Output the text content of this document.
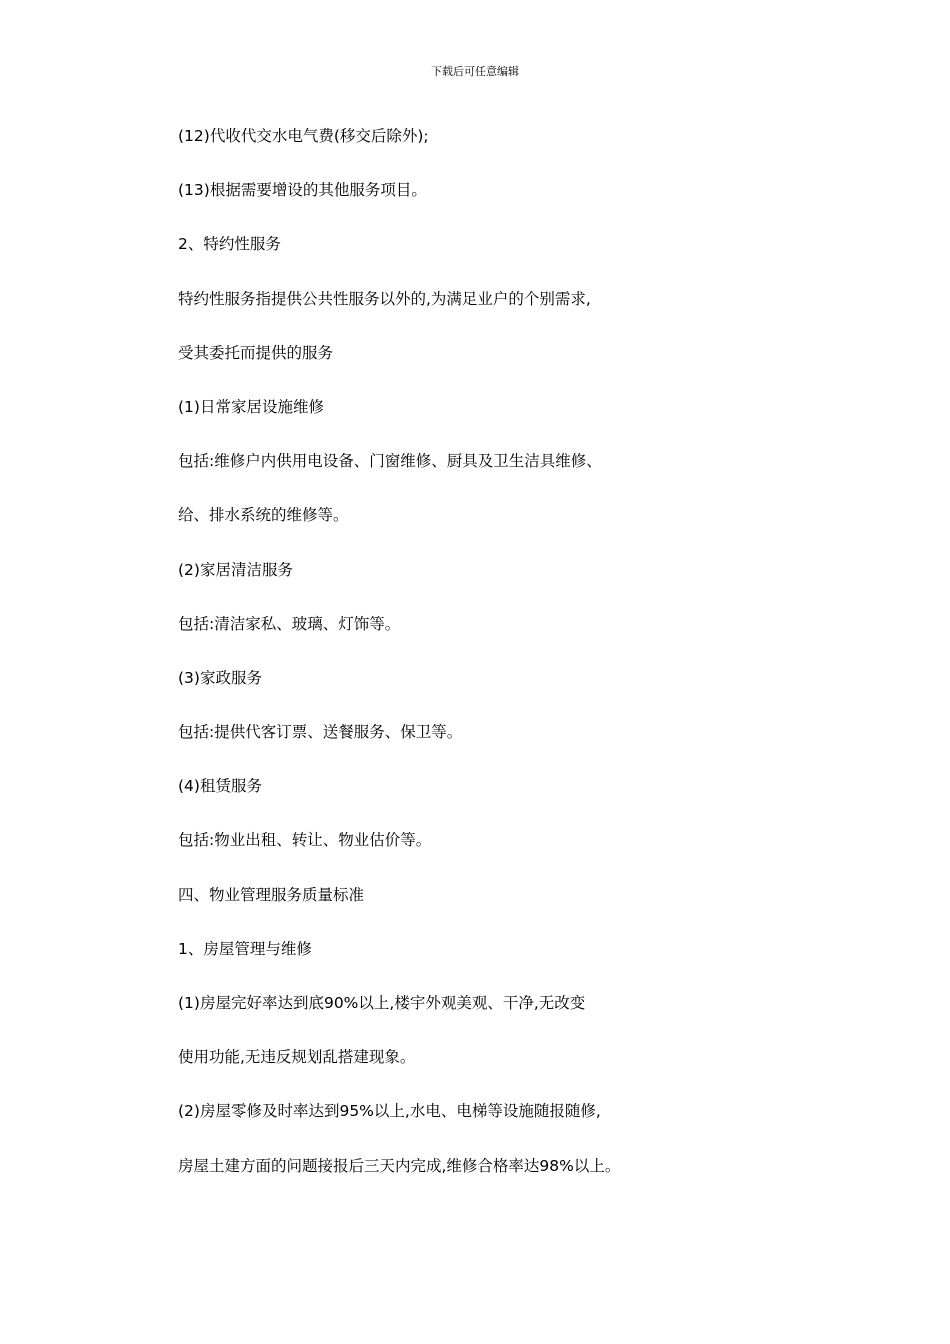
下载后可任意编辑

(12)代收代交水电气费(移交后除外);

(13)根据需要增设的其他服务项目。

2、特约性服务

特约性服务指提供公共性服务以外的,为满足业户的个别需求,

受其委托而提供的服务

(1)日常家居设施维修

包括:维修户内供用电设备、门窗维修、厨具及卫生洁具维修、

给、排水系统的维修等。

(2)家居清洁服务

包括:清洁家私、玻璃、灯饰等。

(3)家政服务

包括:提供代客订票、送餐服务、保卫等。

(4)租赁服务

包括:物业出租、转让、物业估价等。

四、物业管理服务质量标准

1、房屋管理与维修

(1)房屋完好率达到底90%以上,楼宇外观美观、干净,无改变

使用功能,无违反规划乱搭建现象。

(2)房屋零修及时率达到95%以上,水电、电梯等设施随报随修,

房屋土建方面的问题接报后三天内完成,维修合格率达98%以上。
